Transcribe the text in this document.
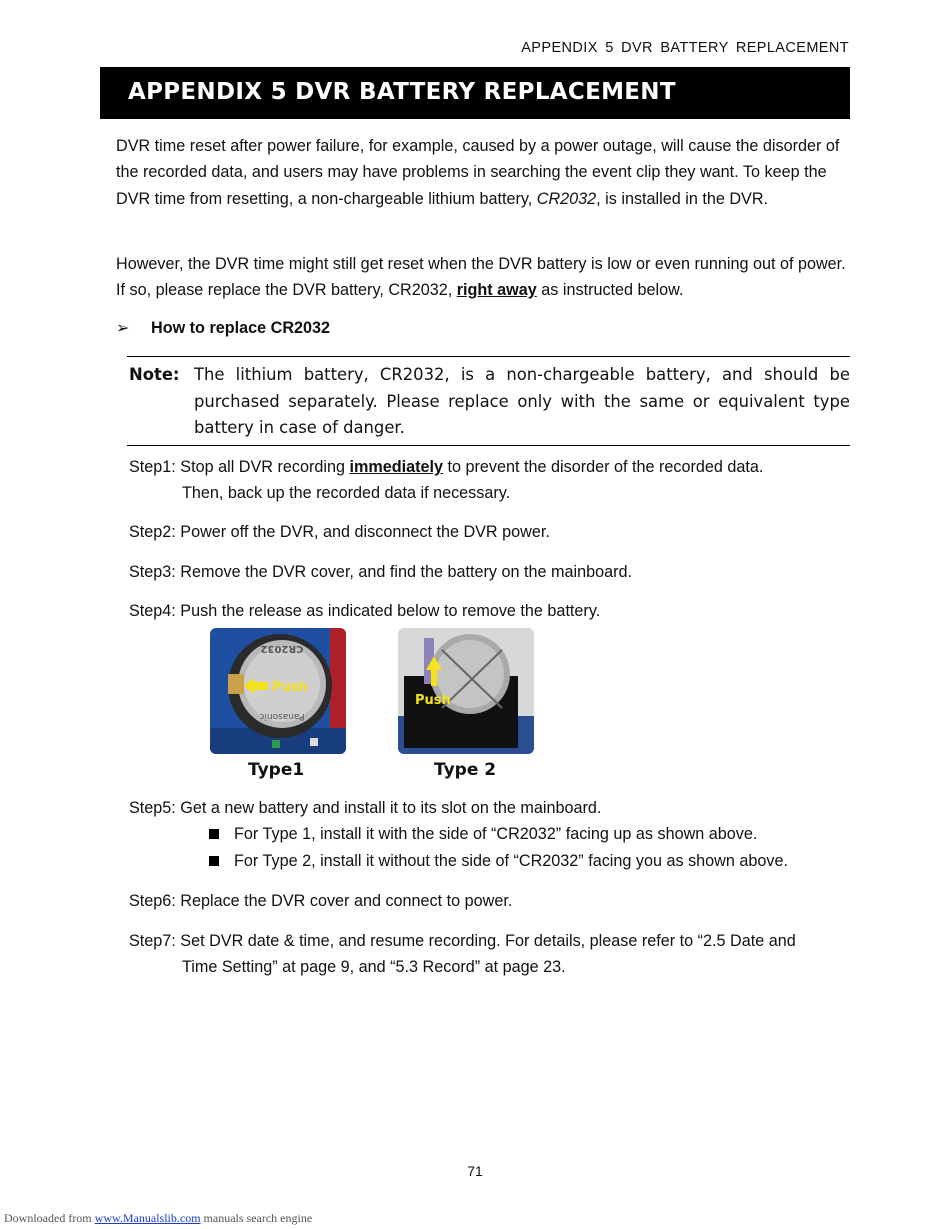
APPENDIX 5 DVR BATTERY REPLACEMENT
APPENDIX 5 DVR BATTERY REPLACEMENT

DVR time reset after power failure, for example, caused by a power outage, will cause the disorder of the recorded data, and users may have problems in searching the event clip they want. To keep the DVR time from resetting, a non-chargeable lithium battery, CR2032, is installed in the DVR.

However, the DVR time might still get reset when the DVR battery is low or even running out of power. If so, please replace the DVR battery, CR2032, right away as instructed below.

➢ How to replace CR2032
Note: The lithium battery, CR2032, is a non-chargeable battery, and should be purchased separately. Please replace only with the same or equivalent type battery in case of danger.
Step1: Stop all DVR recording immediately to prevent the disorder of the recorded data.
Then, back up the recorded data if necessary.
Step2: Power off the DVR, and disconnect the DVR power.
Step3: Remove the DVR cover, and find the battery on the mainboard.
Step4: Push the release as indicated below to remove the battery.
CR2032
Panasonic
Push
Push
Type1	Type 2
Step5: Get a new battery and install it to its slot on the mainboard.
For Type 1, install it with the side of “CR2032” facing up as shown above.
For Type 2, install it without the side of “CR2032” facing you as shown above.
Step6: Replace the DVR cover and connect to power.
Step7: Set DVR date & time, and resume recording. For details, please refer to “2.5 Date and
Time Setting” at page 9, and “5.3 Record” at page 23.
71
Downloaded from www.Manualslib.com manuals search engine
